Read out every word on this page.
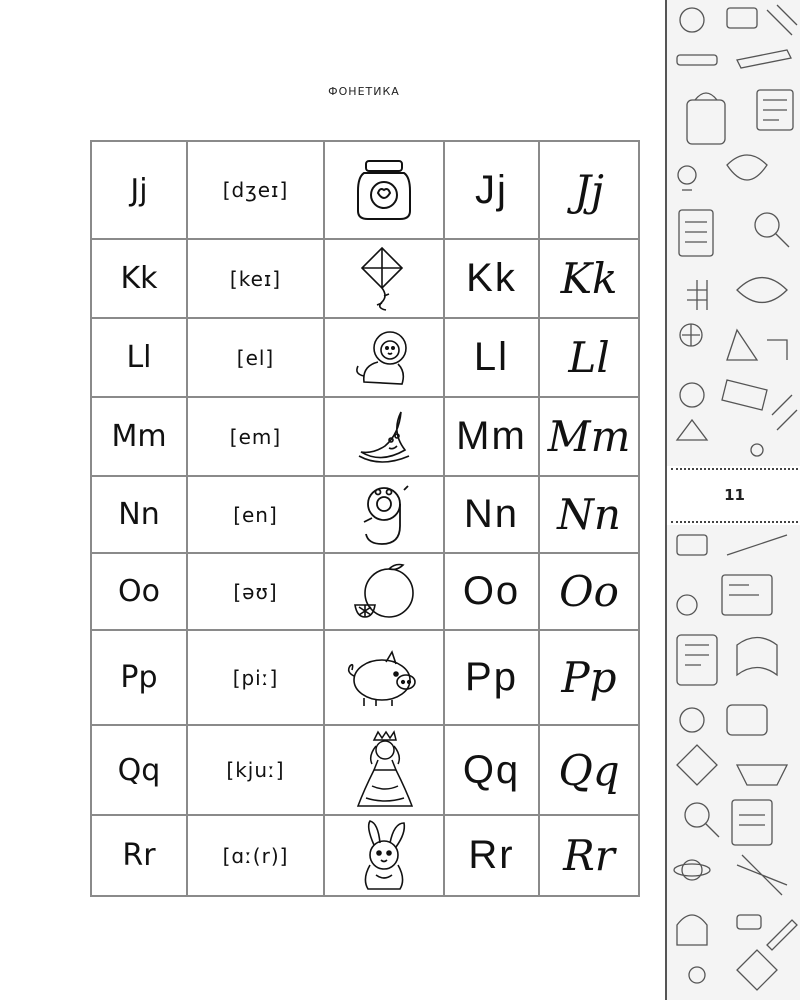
ФОНЕТИКА
Jj	[dʒeɪ]		Jj	Jj
Kk	[keɪ]		Kk	Kk
Ll	[el]		Ll	Ll
Mm	[em]		Mm	Mm
Nn	[en]		Nn	Nn
Oo	[əʊ]		Oo	Oo
Pp	[piː]		Pp	Pp
Qq	[kjuː]		Qq	Qq
Rr	[ɑː(r)]		Rr	Rr
11
